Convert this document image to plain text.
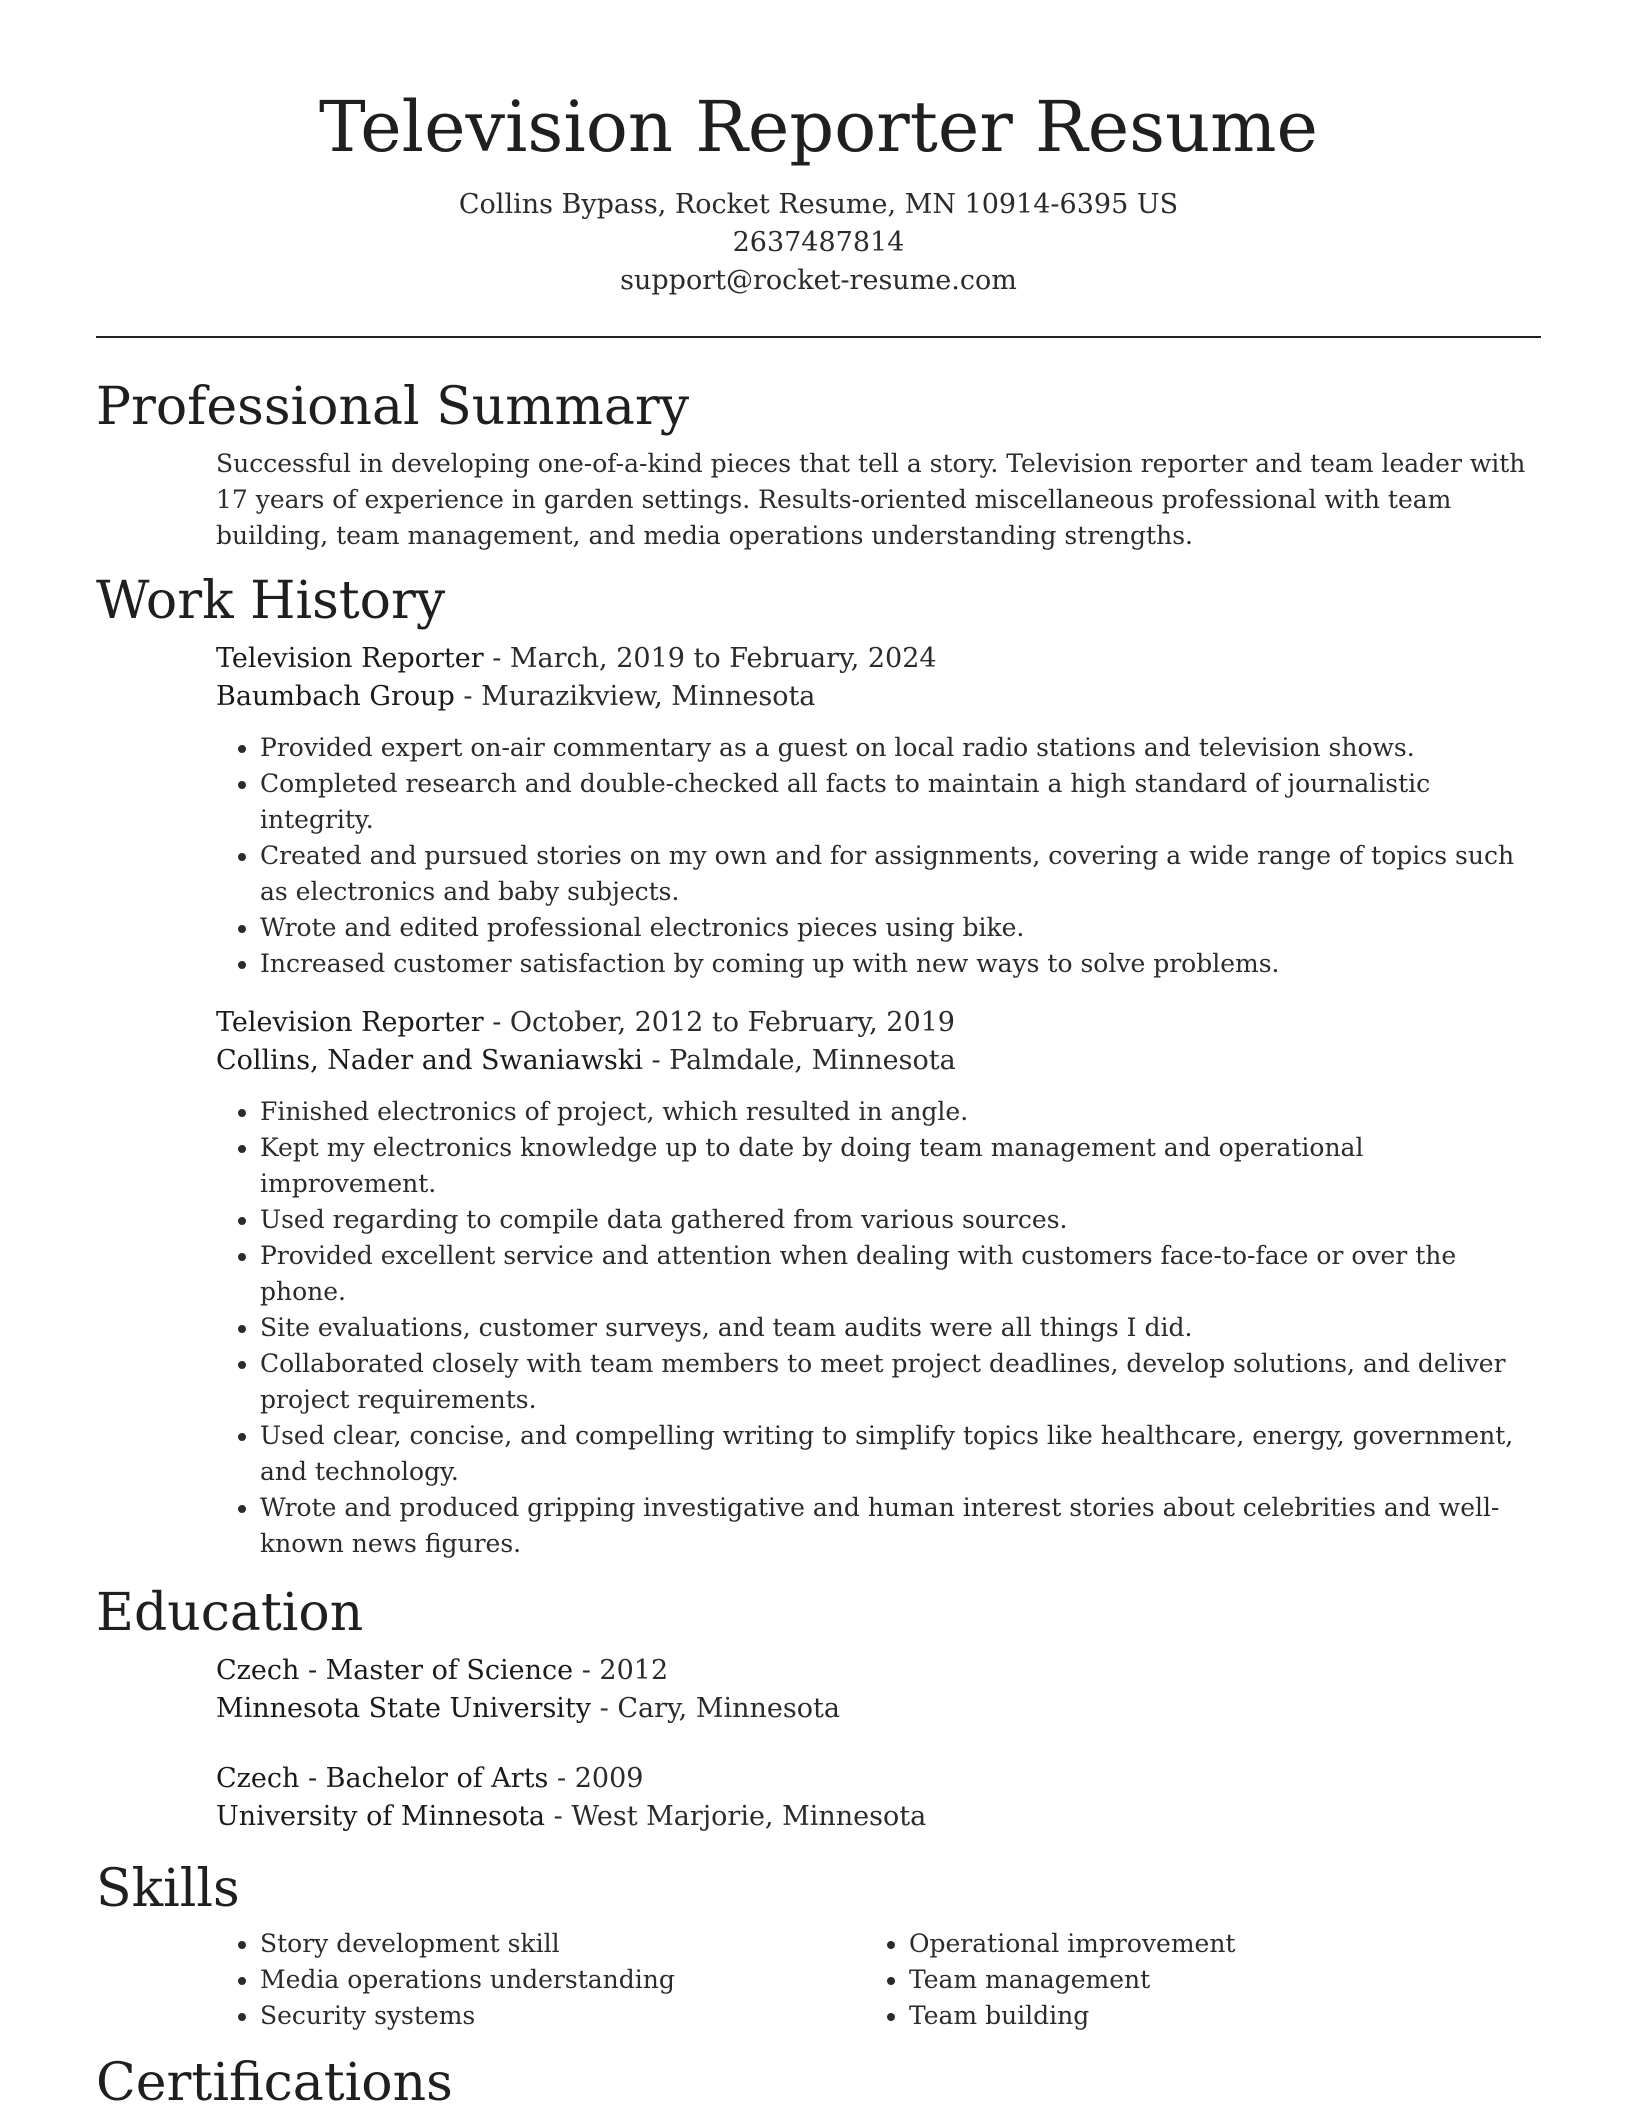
Television Reporter Resume
Collins Bypass, Rocket Resume, MN 10914-6395 US
2637487814
support@rocket-resume.com
Professional Summary

Successful in developing one-of-a-kind pieces that tell a story. Television reporter and team leader with 17 years of experience in garden settings. Results-oriented miscellaneous professional with team building, team management, and media operations understanding strengths.

Work History
Television Reporter - March, 2019 to February, 2024
Baumbach Group - Murazikview, Minnesota
• Provided expert on-air commentary as a guest on local radio stations and television shows.
• Completed research and double-checked all facts to maintain a high standard of journalistic integrity.
• Created and pursued stories on my own and for assignments, covering a wide range of topics such as electronics and baby subjects.
• Wrote and edited professional electronics pieces using bike.
• Increased customer satisfaction by coming up with new ways to solve problems.
Television Reporter - October, 2012 to February, 2019
Collins, Nader and Swaniawski - Palmdale, Minnesota
• Finished electronics of project, which resulted in angle.
• Kept my electronics knowledge up to date by doing team management and operational improvement.
• Used regarding to compile data gathered from various sources.
• Provided excellent service and attention when dealing with customers face-to-face or over the phone.
• Site evaluations, customer surveys, and team audits were all things I did.
• Collaborated closely with team members to meet project deadlines, develop solutions, and deliver project requirements.
• Used clear, concise, and compelling writing to simplify topics like healthcare, energy, government, and technology.
• Wrote and produced gripping investigative and human interest stories about celebrities and well-known news figures.
Education
Czech - Master of Science - 2012
Minnesota State University - Cary, Minnesota
Czech - Bachelor of Arts - 2009
University of Minnesota - West Marjorie, Minnesota
Skills
• Story development skill
• Media operations understanding
• Security systems
• Operational improvement
• Team management
• Team building
Certifications
